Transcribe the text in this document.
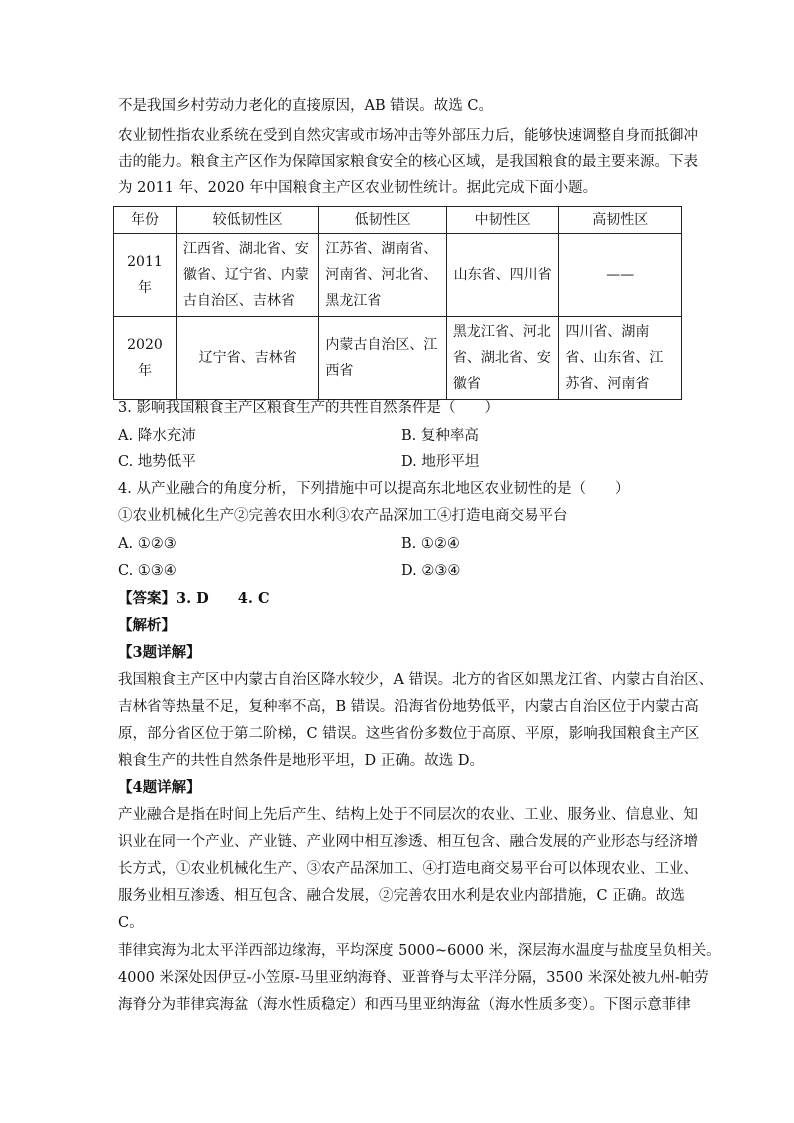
不是我国乡村劳动力老化的直接原因，AB 错误。故选 C。
农业韧性指农业系统在受到自然灾害或市场冲击等外部压力后，能够快速调整自身而抵御冲
击的能力。粮食主产区作为保障国家粮食安全的核心区域，是我国粮食的最主要来源。下表
为 2011 年、2020 年中国粮食主产区农业韧性统计。据此完成下面小题。
年份	较低韧性区	低韧性区	中韧性区	高韧性区
2011 年	江西省、湖北省、安徽省、辽宁省、内蒙古自治区、吉林省	江苏省、湖南省、河南省、河北省、黑龙江省	山东省、四川省	——
2020 年	辽宁省、吉林省	内蒙古自治区、江西省	黑龙江省、河北省、湖北省、安徽省	四川省、湖南省、山东省、江苏省、河南省
3. 影响我国粮食主产区粮食生产的共性自然条件是（　　）
A. 降水充沛	B. 复种率高
C. 地势低平	D. 地形平坦
4. 从产业融合的角度分析，下列措施中可以提高东北地区农业韧性的是（　　）
①农业机械化生产②完善农田水利③农产品深加工④打造电商交易平台
A. ①②③	B. ①②④
C. ①③④	D. ②③④
【答案】3. D　　4. C
【解析】
【3题详解】
我国粮食主产区中内蒙古自治区降水较少，A 错误。北方的省区如黑龙江省、内蒙古自治区、
吉林省等热量不足，复种率不高，B 错误。沿海省份地势低平，内蒙古自治区位于内蒙古高
原，部分省区位于第二阶梯，C 错误。这些省份多数位于高原、平原，影响我国粮食主产区
粮食生产的共性自然条件是地形平坦，D 正确。故选 D。
【4题详解】
产业融合是指在时间上先后产生、结构上处于不同层次的农业、工业、服务业、信息业、知
识业在同一个产业、产业链、产业网中相互渗透、相互包含、融合发展的产业形态与经济增
长方式，①农业机械化生产、③农产品深加工、④打造电商交易平台可以体现农业、工业、
服务业相互渗透、相互包含、融合发展，②完善农田水利是农业内部措施，C 正确。故选
C。
菲律宾海为北太平洋西部边缘海，平均深度 5000~6000 米，深层海水温度与盐度呈负相关。
4000 米深处因伊豆-小笠原-马里亚纳海脊、亚普脊与太平洋分隔，3500 米深处被九州-帕劳
海脊分为菲律宾海盆（海水性质稳定）和西马里亚纳海盆（海水性质多变）。下图示意菲律
